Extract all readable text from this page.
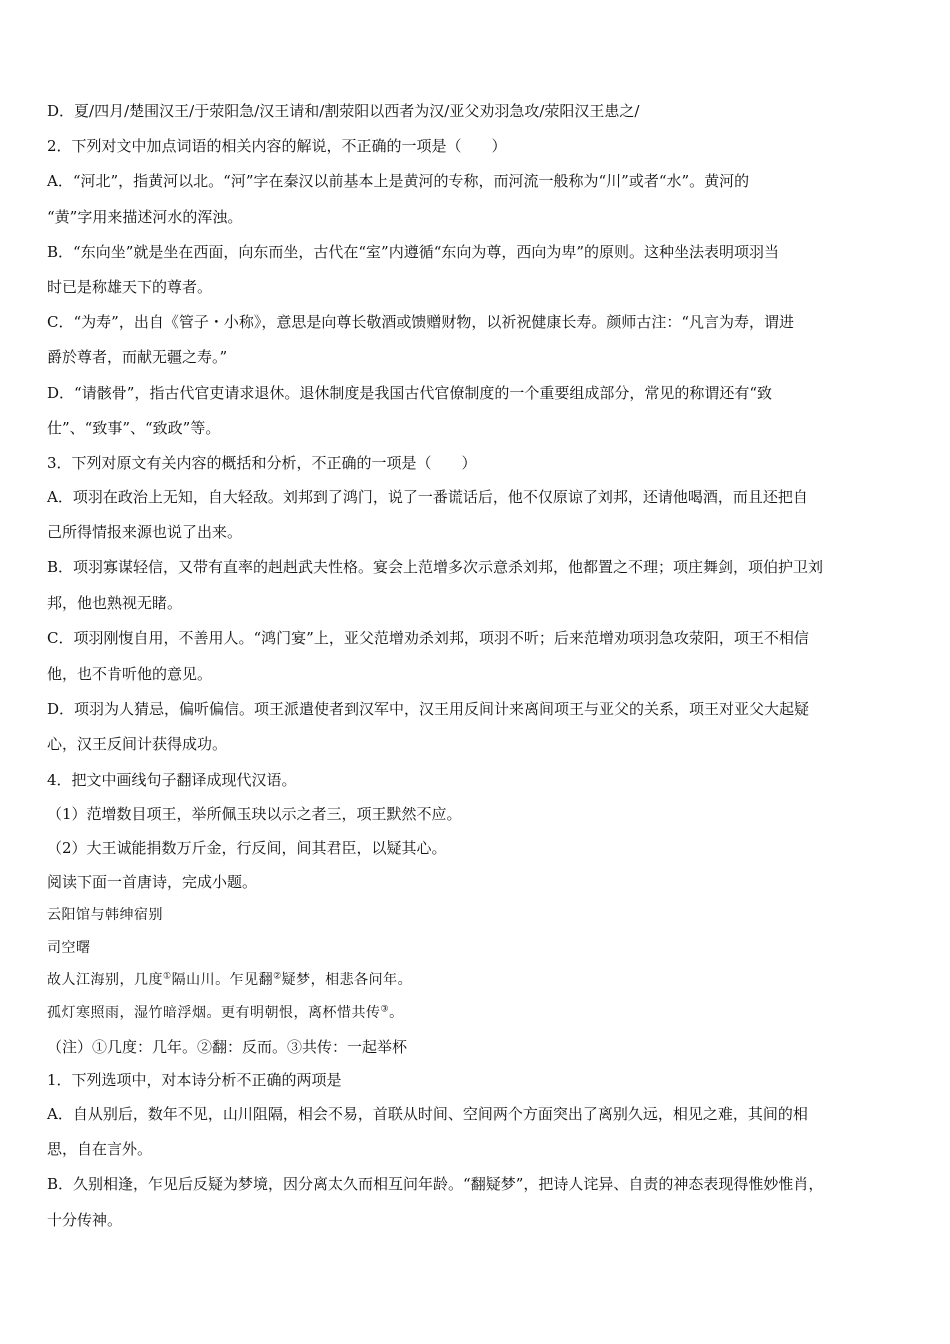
D．夏/四月/楚围汉王/于荥阳急/汉王请和/割荥阳以西者为汉/亚父劝羽急攻/荥阳汉王患之/
2．下列对文中加点词语的相关内容的解说，不正确的一项是（　　）
A．“河北”，指黄河以北。“河”字在秦汉以前基本上是黄河的专称，而河流一般称为“川”或者“水”。黄河的
“黄”字用来描述河水的浑浊。
B．“东向坐”就是坐在西面，向东而坐，古代在“室”内遵循“东向为尊，西向为卑”的原则。这种坐法表明项羽当
时已是称雄天下的尊者。
C．“为寿”，出自《管子・小称》，意思是向尊长敬酒或馈赠财物，以祈祝健康长寿。颜师古注：“凡言为寿，谓进
爵於尊者，而献无疆之寿。”
D．“请骸骨”，指古代官吏请求退休。退休制度是我国古代官僚制度的一个重要组成部分，常见的称谓还有“致
仕”、“致事”、“致政”等。
3．下列对原文有关内容的概括和分析，不正确的一项是（　　）
A．项羽在政治上无知，自大轻敌。刘邦到了鸿门，说了一番谎话后，他不仅原谅了刘邦，还请他喝酒，而且还把自
己所得情报来源也说了出来。
B．项羽寡谋轻信，又带有直率的赳赳武夫性格。宴会上范增多次示意杀刘邦，他都置之不理；项庄舞剑，项伯护卫刘
邦，他也熟视无睹。
C．项羽刚愎自用，不善用人。“鸿门宴”上，亚父范增劝杀刘邦，项羽不听；后来范增劝项羽急攻荥阳，项王不相信
他，也不肯听他的意见。
D．项羽为人猜忌，偏听偏信。项王派遣使者到汉军中，汉王用反间计来离间项王与亚父的关系，项王对亚父大起疑
心，汉王反间计获得成功。
4．把文中画线句子翻译成现代汉语。
（1）范增数目项王，举所佩玉玦以示之者三，项王默然不应。
（2）大王诚能捐数万斤金，行反间，间其君臣，以疑其心。
阅读下面一首唐诗，完成小题。
云阳馆与韩绅宿别
司空曙
故人江海别，几度①隔山川。乍见翻②疑梦，相悲各问年。
孤灯寒照雨，湿竹暗浮烟。更有明朝恨，离杯惜共传③。
（注）①几度：几年。②翻：反而。③共传：一起举杯
1．下列选项中，对本诗分析不正确的两项是
A．自从别后，数年不见，山川阻隔，相会不易，首联从时间、空间两个方面突出了离别久远，相见之难，其间的相
思，自在言外。
B．久别相逢，乍见后反疑为梦境，因分离太久而相互问年龄。“翻疑梦”，把诗人诧异、自责的神态表现得惟妙惟肖，
十分传神。
